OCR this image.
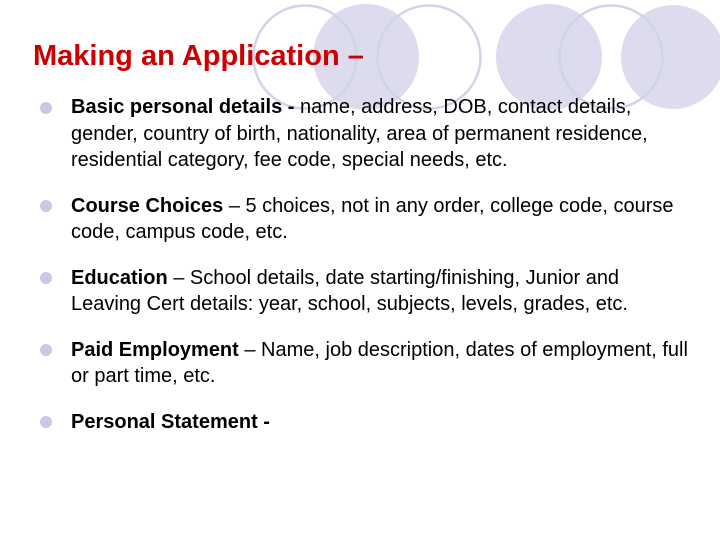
Making an Application –
Basic personal details - name, address, DOB, contact details, gender, country of birth, nationality, area of permanent residence, residential category, fee code, special needs, etc.
Course Choices – 5 choices, not in any order, college code, course code, campus code, etc.
Education – School details, date starting/finishing, Junior and Leaving Cert details: year, school, subjects, levels, grades, etc.
Paid Employment – Name, job description, dates of employment, full or part time, etc.
Personal Statement -
